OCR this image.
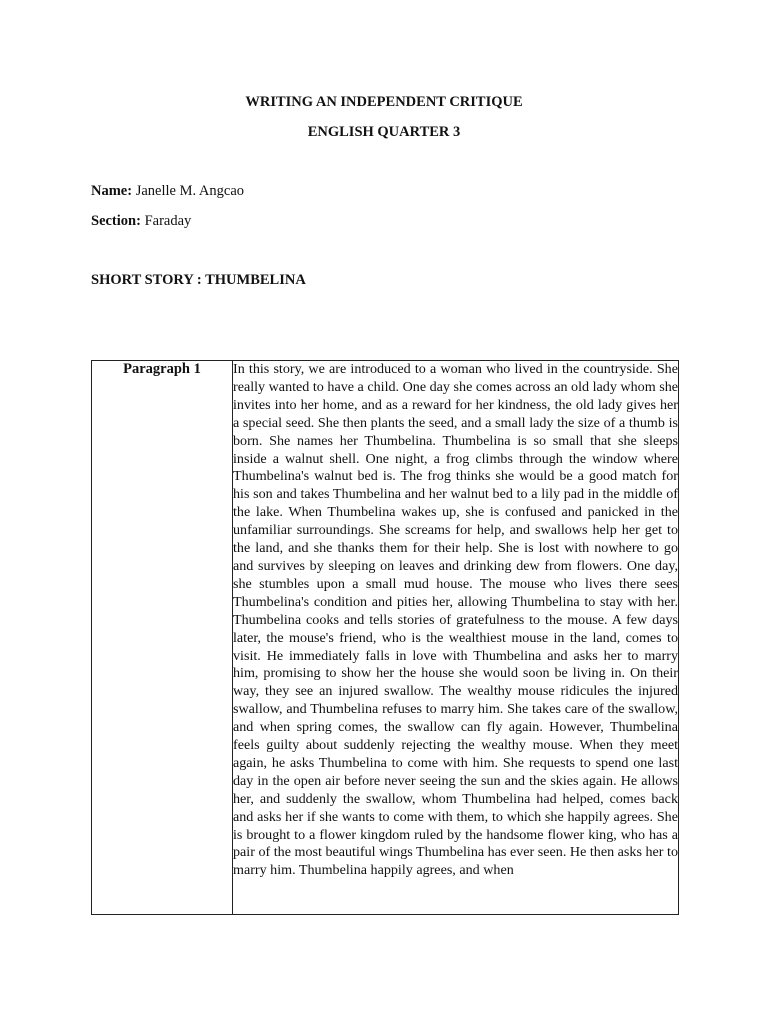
WRITING AN INDEPENDENT CRITIQUE
ENGLISH QUARTER 3
Name: Janelle M. Angcao
Section: Faraday
SHORT STORY : THUMBELINA
Paragraph 1	In this story, we are introduced to a woman who lived in the countryside. She really wanted to have a child. One day she comes across an old lady whom she invites into her home, and as a reward for her kindness, the old lady gives her a special seed. She then plants the seed, and a small lady the size of a thumb is born. She names her Thumbelina. Thumbelina is so small that she sleeps inside a walnut shell. One night, a frog climbs through the window where Thumbelina's walnut bed is. The frog thinks she would be a good match for his son and takes Thumbelina and her walnut bed to a lily pad in the middle of the lake. When Thumbelina wakes up, she is confused and panicked in the unfamiliar surroundings. She screams for help, and swallows help her get to the land, and she thanks them for their help. She is lost with nowhere to go and survives by sleeping on leaves and drinking dew from flowers. One day, she stumbles upon a small mud house. The mouse who lives there sees Thumbelina's condition and pities her, allowing Thumbelina to stay with her. Thumbelina cooks and tells stories of gratefulness to the mouse. A few days later, the mouse's friend, who is the wealthiest mouse in the land, comes to visit. He immediately falls in love with Thumbelina and asks her to marry him, promising to show her the house she would soon be living in. On their way, they see an injured swallow. The wealthy mouse ridicules the injured swallow, and Thumbelina refuses to marry him. She takes care of the swallow, and when spring comes, the swallow can fly again. However, Thumbelina feels guilty about suddenly rejecting the wealthy mouse. When they meet again, he asks Thumbelina to come with him. She requests to spend one last day in the open air before never seeing the sun and the skies again. He allows her, and suddenly the swallow, whom Thumbelina had helped, comes back and asks her if she wants to come with them, to which she happily agrees. She is brought to a flower kingdom ruled by the handsome flower king, who has a pair of the most beautiful wings Thumbelina has ever seen. He then asks her to marry him. Thumbelina happily agrees, and when
